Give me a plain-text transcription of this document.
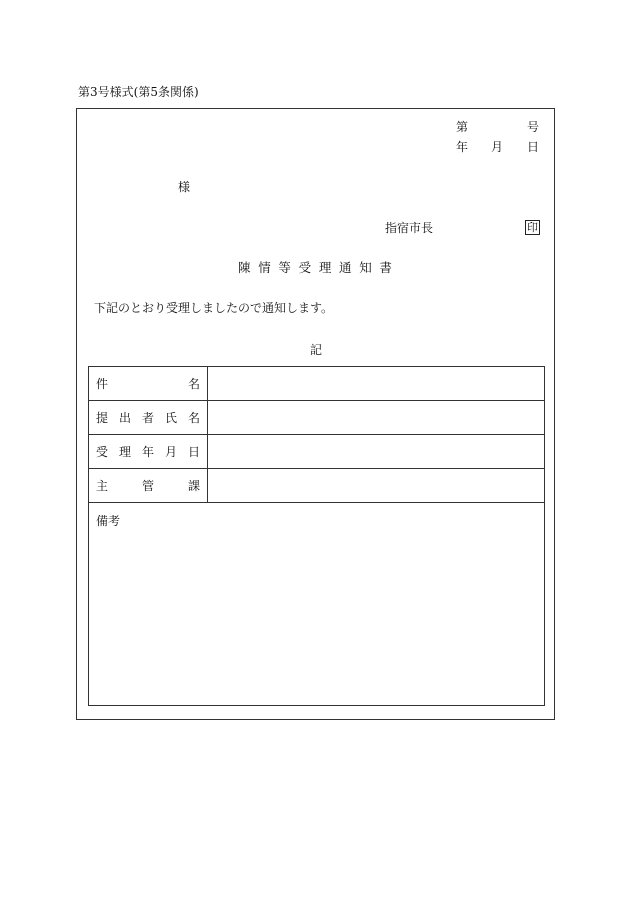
第3号様式(第5条関係)
第	号
年 月 日
様
指宿市長	印
陳 情 等 受 理 通 知 書
下記のとおり受理しましたので通知します。
記
件 名	

提 出 者 氏 名	

受 理 年 月 日	

主 管 課	

備考	
